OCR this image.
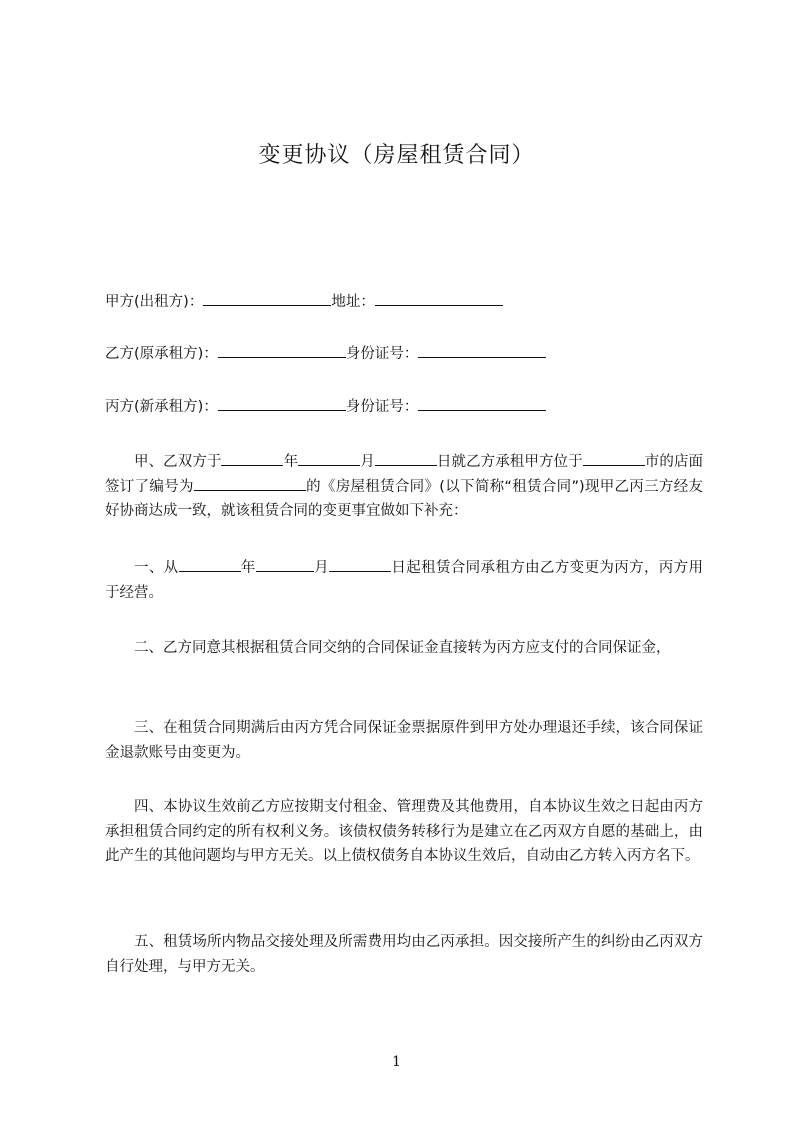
变更协议（房屋租赁合同）
甲方(出租方)：	地址：
乙方(原承租方)：	身份证号：
丙方(新承租方)：	身份证号：
甲、乙双方于	年	月	日就乙方承租甲方位于	市的店面签订了编号为	的《房屋租赁合同》(以下简称“租赁合同”)现甲乙丙三方经友好协商达成一致，就该租赁合同的变更事宜做如下补充：
一、从	年	月	日起租赁合同承租方由乙方变更为丙方，丙方用于经营。
二、乙方同意其根据租赁合同交纳的合同保证金直接转为丙方应支付的合同保证金，
三、在租赁合同期满后由丙方凭合同保证金票据原件到甲方处办理退还手续，该合同保证金退款账号由变更为。
四、本协议生效前乙方应按期支付租金、管理费及其他费用，自本协议生效之日起由丙方承担租赁合同约定的所有权利义务。该债权债务转移行为是建立在乙丙双方自愿的基础上，由此产生的其他问题均与甲方无关。以上债权债务自本协议生效后，自动由乙方转入丙方名下。
五、租赁场所内物品交接处理及所需费用均由乙丙承担。因交接所产生的纠纷由乙丙双方自行处理，与甲方无关。
1
